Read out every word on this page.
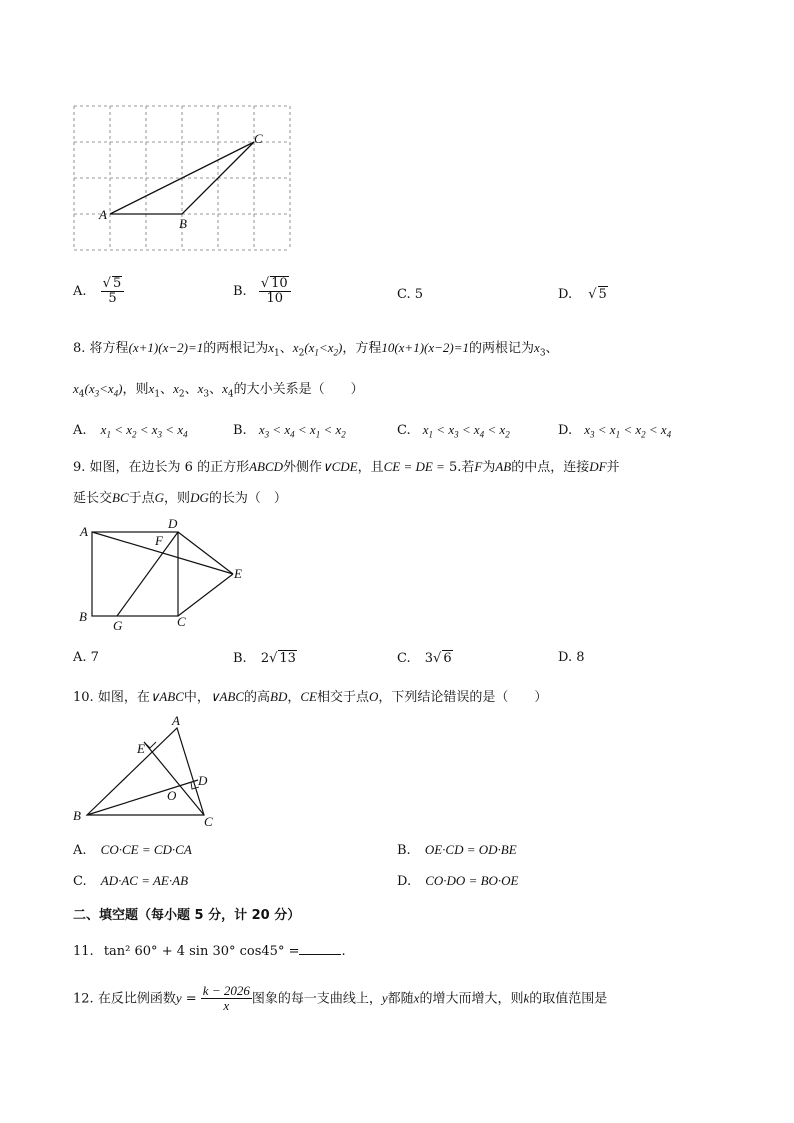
A
B
C
A. $\frac{√ 5}{5}$	B. $\frac{√ 10}{10}$	C. 5	D. √ 5
8. 将方程(x+1)(x−2)=1的两根记为$x_1$、$x_2(x_1<x_2)$，方程10(x+1)(x−2)=1的两根记为$x_3$、
$x_4(x_3<x_4)$，则$x_1$、$x_2$、$x_3$、$x_4$的大小关系是（　　）
A. $x_1 < x_2 < x_3 < x_4$	B. $x_3 < x_4 < x_1 < x_2$	C. $x_1 < x_3 < x_4 < x_2$	D. $x_3 < x_1 < x_2 < x_4$
9. 如图，在边长为 6 的正方形ABCD外侧作∨CDE，且CE = DE = 5.若F为AB的中点，连接DF并
延长交BC于点G，则DG的长为（　）
A
D
F
E
B
G	C
A. 7	B. 2√ 13	C. 3√ 6	D. 8
10. 如图，在∨ABC中，∨ABC的高BD，CE相交于点O，下列结论错误的是（　　）
A
E
D
O
B	C
A. CO·CE = CD·CA	B. OE·CD = OD·BE
C. AD·AC = AE·AB	D. CO·DO = BO·OE
二、填空题（每小题 5 分，计 20 分）
11. tan² 60° + 4 sin 30° cos45° =	.
12. 在反比例函数$y = \frac{k - 2026}{x}$ 图象的每一支曲线上，y都随x的增大而增大，则k的取值范围是
